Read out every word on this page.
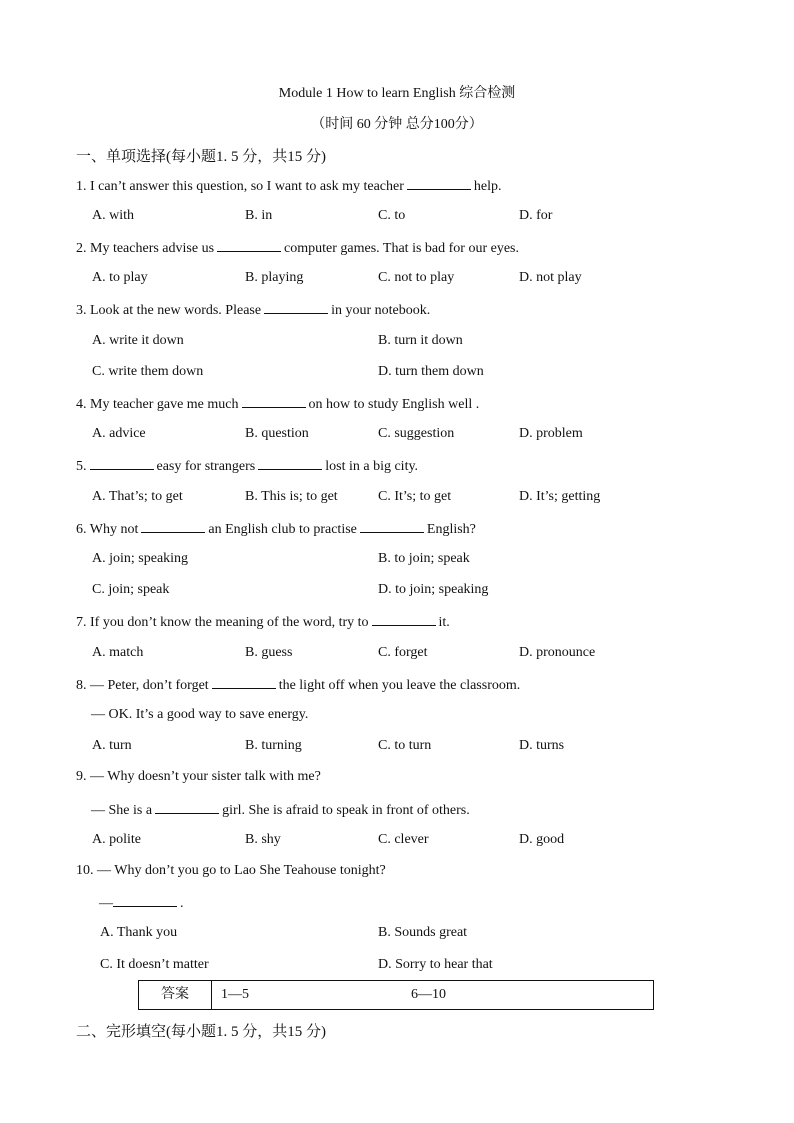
Module 1 How to learn English 综合检测
（时间 60 分钟 总分100分）
一、单项选择(每小题1. 5 分，共15 分)
1. I can’t answer this question, so I want to ask my teacher	help.
A. with	B. in	C. to	D. for
2. My teachers advise us	computer games. That is bad for our eyes.
A. to play	B. playing	C. not to play	D. not play
3. Look at the new words. Please	in your notebook.
A. write it down	B. turn it down
C. write them down	D. turn them down
4. My teacher gave me much	on how to study English well .
A. advice	B. question	C. suggestion	D. problem
5.	easy for strangers	lost in a big city.
A. That’s; to get	B. This is; to get	C. It’s; to get	D. It’s; getting
6. Why not	an English club to practise	English?
A. join; speaking	B. to join; speak
C. join; speak	D. to join; speaking
7. If you don’t know the meaning of the word, try to	it.
A. match	B. guess	C. forget	D. pronounce
8. — Peter, don’t forget	the light off when you leave the classroom.
— OK. It’s a good way to save energy.
A. turn	B. turning	C. to turn	D. turns
9. — Why doesn’t your sister talk with me?
— She is a	girl. She is afraid to speak in front of others.
A. polite	B. shy	C. clever	D. good
10. — Why don’t you go to Lao She Teahouse tonight?
—	.
A. Thank you	B. Sounds great
C. It doesn’t matter	D. Sorry to hear that
答案	1—5	6—10
二、完形填空(每小题1. 5 分，共15 分)
